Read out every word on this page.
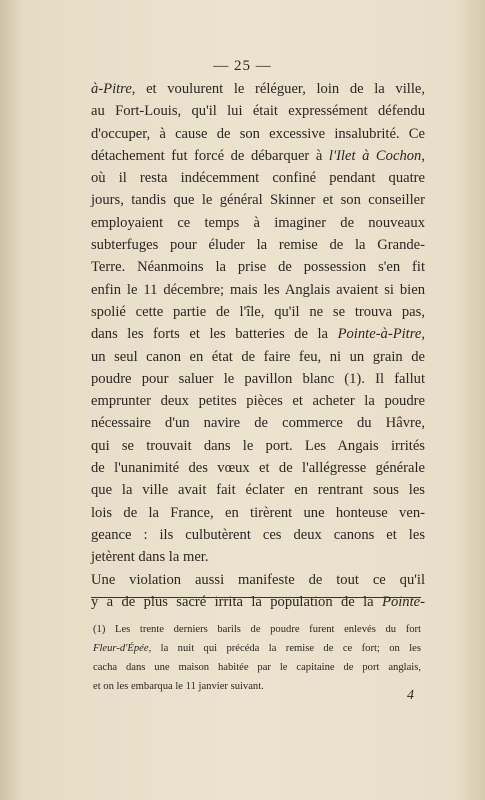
— 25 —
à-Pitre, et voulurent le réléguer, loin de la ville,
au Fort-Louis, qu'il lui était expressément défendu
d'occuper, à cause de son excessive insalubrité. Ce
détachement fut forcé de débarquer à l'Ilet à Cochon,
où il resta indécemment confiné pendant quatre
jours, tandis que le général Skinner et son conseiller
employaient ce temps à imaginer de nouveaux
subterfuges pour éluder la remise de la Grande-
Terre. Néanmoins la prise de possession s'en fit
enfin le 11 décembre; mais les Anglais avaient si bien
spolié cette partie de l'île, qu'il ne se trouva pas,
dans les forts et les batteries de la Pointe-à-Pitre,
un seul canon en état de faire feu, ni un grain de
poudre pour saluer le pavillon blanc (1). Il fallut
emprunter deux petites pièces et acheter la poudre
nécessaire d'un navire de commerce du Hâvre,
qui se trouvait dans le port. Les Angais irrités
de l'unanimité des vœux et de l'allégresse générale
que la ville avait fait éclater en rentrant sous les
lois de la France, en tirèrent une honteuse ven-
geance : ils culbutèrent ces deux canons et les
jetèrent dans la mer.
Une violation aussi manifeste de tout ce qu'il
y a de plus sacré irrita la population de la Pointe-
(1) Les trente derniers barils de poudre furent enlevés du fort
Fleur-d'Épée, la nuit qui précéda la remise de ce fort; on les
cacha dans une maison habitée par le capitaine de port anglais,
et on les embarqua le 11 janvier suivant.
4
